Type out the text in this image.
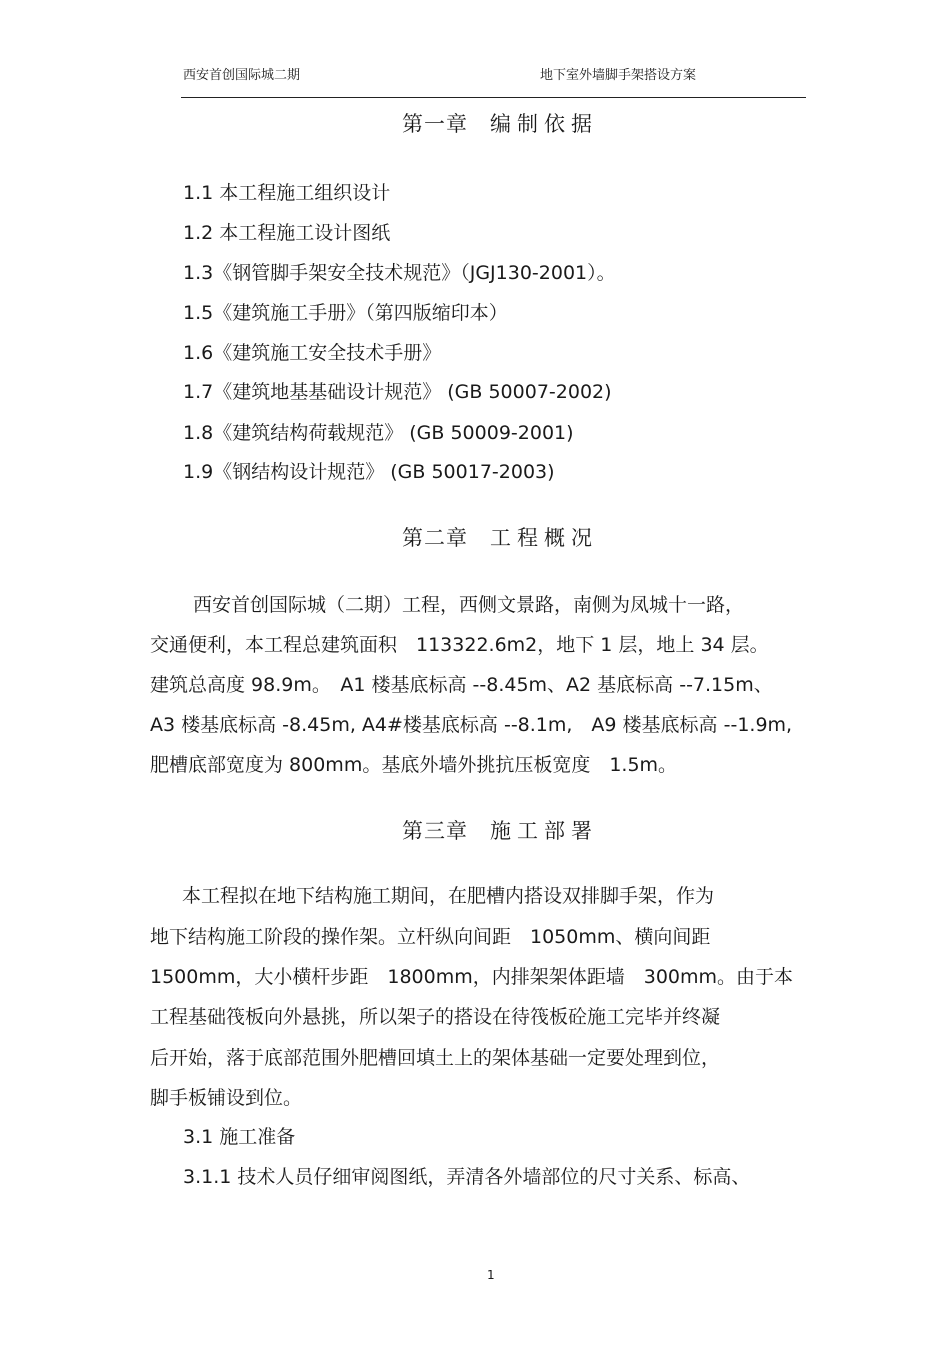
西安首创国际城二期	地下室外墙脚手架搭设方案
第一章 编制依据
1.1 本工程施工组织设计
1.2 本工程施工设计图纸
1.3《钢管脚手架安全技术规范》（JGJ130-2001）。
1.5《建筑施工手册》（第四版缩印本）
1.6《建筑施工安全技术手册》
1.7《建筑地基基础设计规范》 (GB 50007-2002)
1.8《建筑结构荷载规范》 (GB 50009-2001)
1.9《钢结构设计规范》 (GB 50017-2003)
第二章 工程概况
西安首创国际城（二期）工程，西侧文景路，南侧为凤城十一路，
交通便利，本工程总建筑面积　113322.6m2，地下 1 层，地上 34 层。
建筑总高度 98.9m。　A1 楼基底标高 --8.45m、A2 基底标高 --7.15m、
A3 楼基底标高 -8.45m, A4#楼基底标高 --8.1m,　A9 楼基底标高 --1.9m,
肥槽底部宽度为 800mm。基底外墙外挑抗压板宽度　1.5m。
第三章 施工部署
本工程拟在地下结构施工期间，在肥槽内搭设双排脚手架，作为
地下结构施工阶段的操作架。立杆纵向间距　1050mm、横向间距
1500mm，大小横杆步距　1800mm，内排架架体距墙　300mm。由于本
工程基础筏板向外悬挑，所以架子的搭设在待筏板砼施工完毕并终凝
后开始，落于底部范围外肥槽回填土上的架体基础一定要处理到位，
脚手板铺设到位。
3.1 施工准备
3.1.1 技术人员仔细审阅图纸，弄清各外墙部位的尺寸关系、标高、
1
